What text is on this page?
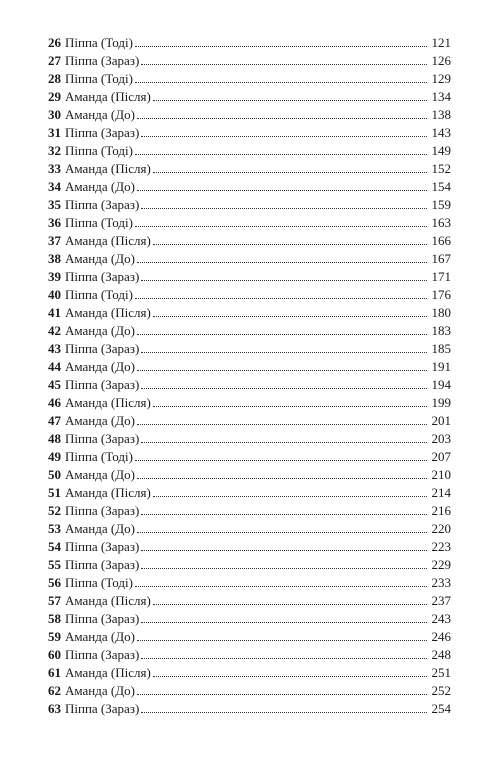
26 Піппа (Тоді)	121
27 Піппа (Зараз)	126
28 Піппа (Тоді)	129
29 Аманда (Після)	134
30 Аманда (До)	138
31 Піппа (Зараз)	143
32 Піппа (Тоді)	149
33 Аманда (Після)	152
34 Аманда (До)	154
35 Піппа (Зараз)	159
36 Піппа (Тоді)	163
37 Аманда (Після)	166
38 Аманда (До)	167
39 Піппа (Зараз)	171
40 Піппа (Тоді)	176
41 Аманда (Після)	180
42 Аманда (До)	183
43 Піппа (Зараз)	185
44 Аманда (До)	191
45 Піппа (Зараз)	194
46 Аманда (Після)	199
47 Аманда (До)	201
48 Піппа (Зараз)	203
49 Піппа (Тоді)	207
50 Аманда (До)	210
51 Аманда (Після)	214
52 Піппа (Зараз)	216
53 Аманда (До)	220
54 Піппа (Зараз)	223
55 Піппа (Зараз)	229
56 Піппа (Тоді)	233
57 Аманда (Після)	237
58 Піппа (Зараз)	243
59 Аманда (До)	246
60 Піппа (Зараз)	248
61 Аманда (Після)	251
62 Аманда (До)	252
63 Піппа (Зараз)	254
